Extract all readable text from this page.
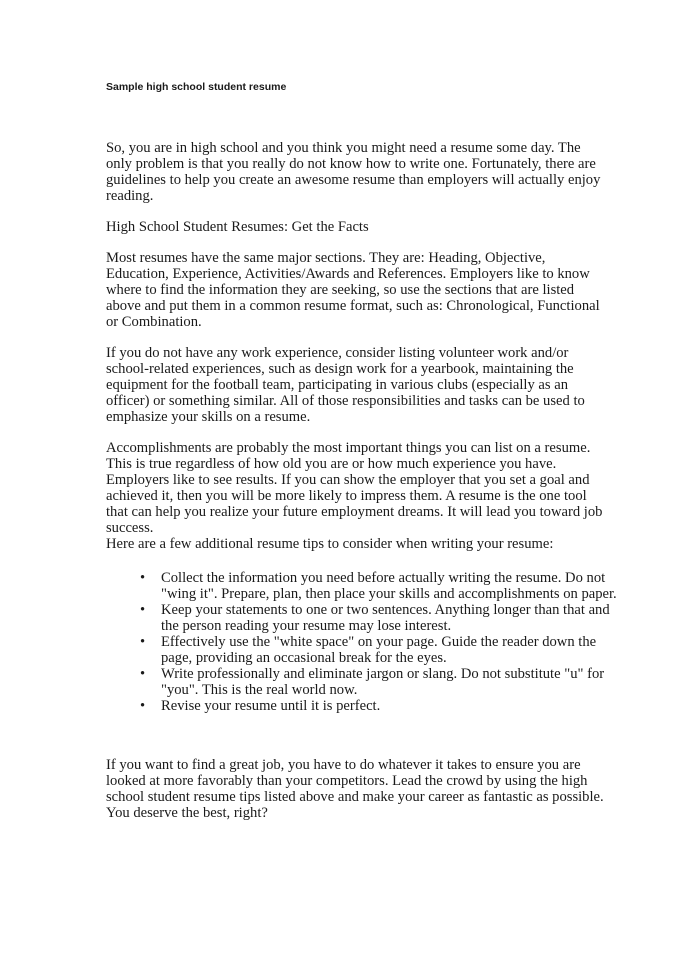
Sample high school student resume
So, you are in high school and you think you might need a resume some day. The
only problem is that you really do not know how to write one. Fortunately, there are
guidelines to help you create an awesome resume than employers will actually enjoy
reading.
High School Student Resumes: Get the Facts
Most resumes have the same major sections. They are: Heading, Objective,
Education, Experience, Activities/Awards and References. Employers like to know
where to find the information they are seeking, so use the sections that are listed
above and put them in a common resume format, such as: Chronological, Functional
or Combination.
If you do not have any work experience, consider listing volunteer work and/or
school-related experiences, such as design work for a yearbook, maintaining the
equipment for the football team, participating in various clubs (especially as an
officer) or something similar. All of those responsibilities and tasks can be used to
emphasize your skills on a resume.
Accomplishments are probably the most important things you can list on a resume.
This is true regardless of how old you are or how much experience you have.
Employers like to see results. If you can show the employer that you set a goal and
achieved it, then you will be more likely to impress them. A resume is the one tool
that can help you realize your future employment dreams. It will lead you toward job
success.
Here are a few additional resume tips to consider when writing your resume:
• Collect the information you need before actually writing the resume. Do not
"wing it". Prepare, plan, then place your skills and accomplishments on paper.
• Keep your statements to one or two sentences. Anything longer than that and
the person reading your resume may lose interest.
• Effectively use the "white space" on your page. Guide the reader down the
page, providing an occasional break for the eyes.
• Write professionally and eliminate jargon or slang. Do not substitute "u" for
"you". This is the real world now.
• Revise your resume until it is perfect.
If you want to find a great job, you have to do whatever it takes to ensure you are
looked at more favorably than your competitors. Lead the crowd by using the high
school student resume tips listed above and make your career as fantastic as possible.
You deserve the best, right?
